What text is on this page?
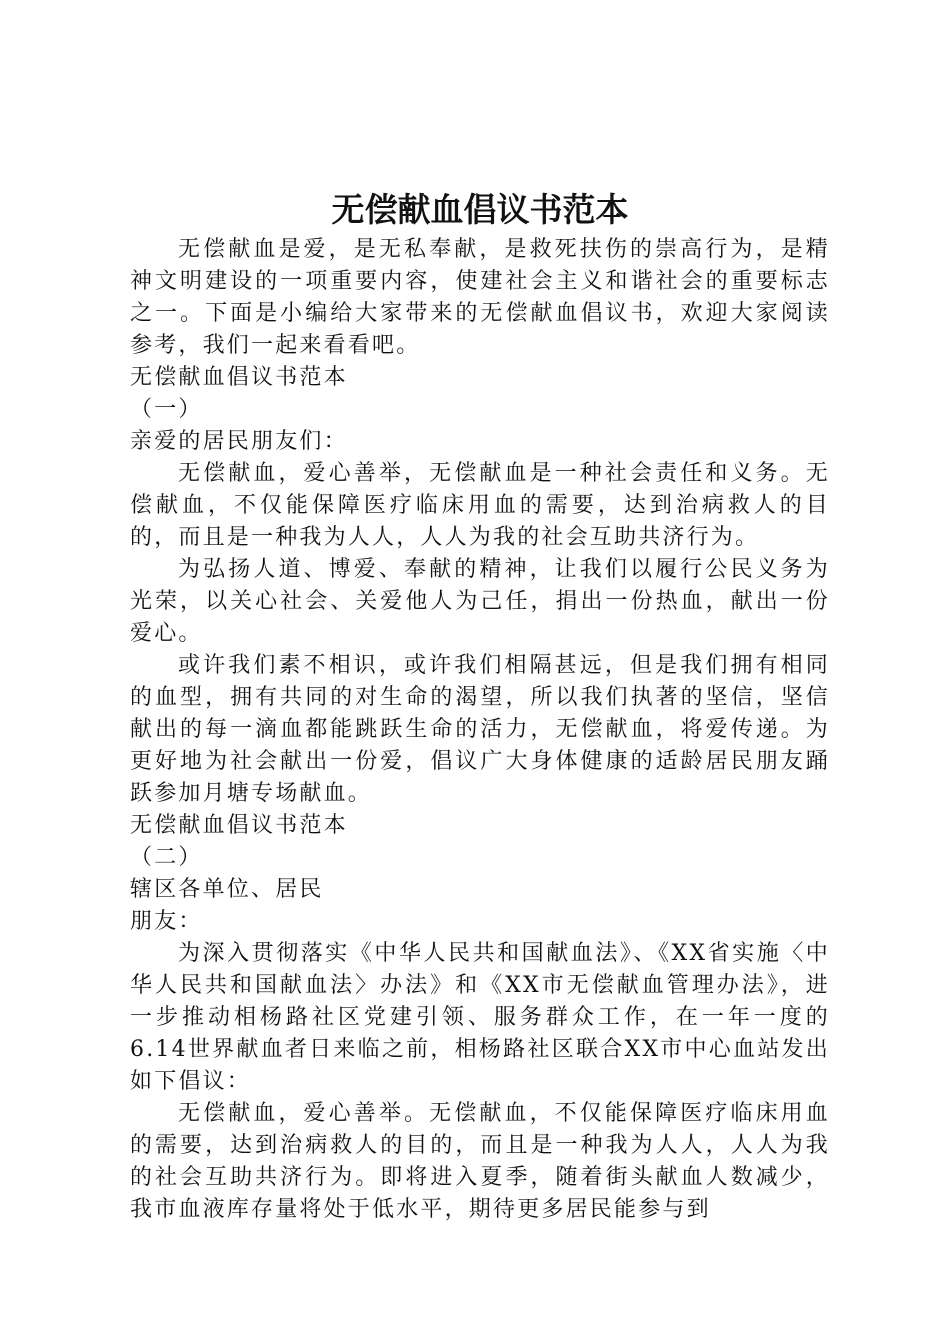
无偿献血倡议书范本

无偿献血是爱，是无私奉献，是救死扶伤的崇高行为，是精神文明建设的一项重要内容，使建社会主义和谐社会的重要标志之一。下面是小编给大家带来的无偿献血倡议书，欢迎大家阅读参考，我们一起来看看吧。

无偿献血倡议书范本

（一）

亲爱的居民朋友们：

无偿献血，爱心善举，无偿献血是一种社会责任和义务。无偿献血，不仅能保障医疗临床用血的需要，达到治病救人的目的，而且是一种我为人人，人人为我的社会互助共济行为。

为弘扬人道、博爱、奉献的精神，让我们以履行公民义务为光荣，以关心社会、关爱他人为己任，捐出一份热血，献出一份爱心。

或许我们素不相识，或许我们相隔甚远，但是我们拥有相同的血型，拥有共同的对生命的渴望，所以我们执著的坚信，坚信献出的每一滴血都能跳跃生命的活力，无偿献血，将爱传递。为更好地为社会献出一份爱，倡议广大身体健康的适龄居民朋友踊跃参加月塘专场献血。

无偿献血倡议书范本

（二）

辖区各单位、居民

朋友：

为深入贯彻落实《中华人民共和国献血法》、《XX省实施〈中华人民共和国献血法〉办法》和《XX市无偿献血管理办法》，进一步推动相杨路社区党建引领、服务群众工作，在一年一度的6.14世界献血者日来临之前，相杨路社区联合XX市中心血站发出如下倡议：

无偿献血，爱心善举。无偿献血，不仅能保障医疗临床用血的需要，达到治病救人的目的，而且是一种我为人人，人人为我的社会互助共济行为。即将进入夏季，随着街头献血人数减少，我市血液库存量将处于低水平，期待更多居民能参与到
